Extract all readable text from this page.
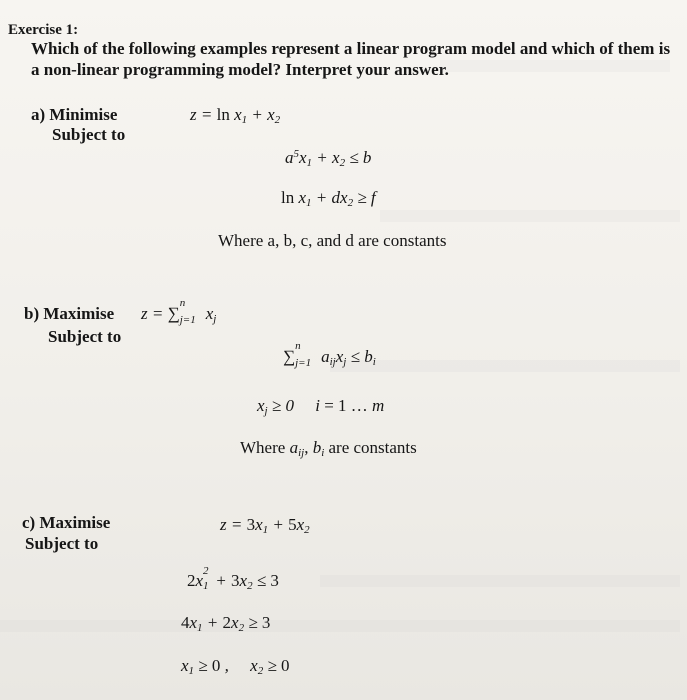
Exercise 1:
Which of the following examples represent a linear program model and which of them is a non-linear programming model? Interpret your answer.
a) Minimise
Subject to
$z = \ln x_1 + x_2$
$a^5x_1 + x_2 \le b$
$\ln x_1 + dx_2 \ge f$
Where a, b, c, and d are constants
b) Maximise
Subject to
z = ∑
n
j=1 $x_j$
∑
n
j=1 $a_{ij}x_j \le b_i$
$x_j \ge 0$     i = 1 … m
Where $a_{ij}$, $b_i$ are constants
c) Maximise
Subject to
$z = 3x_1 + 5x_2$
2x 2
$1 + 3x_2 \le 3$
$4x_1 + 2x_2 \ge 3$
$x_1 \ge 0$ ,     $x_2 \ge 0$
